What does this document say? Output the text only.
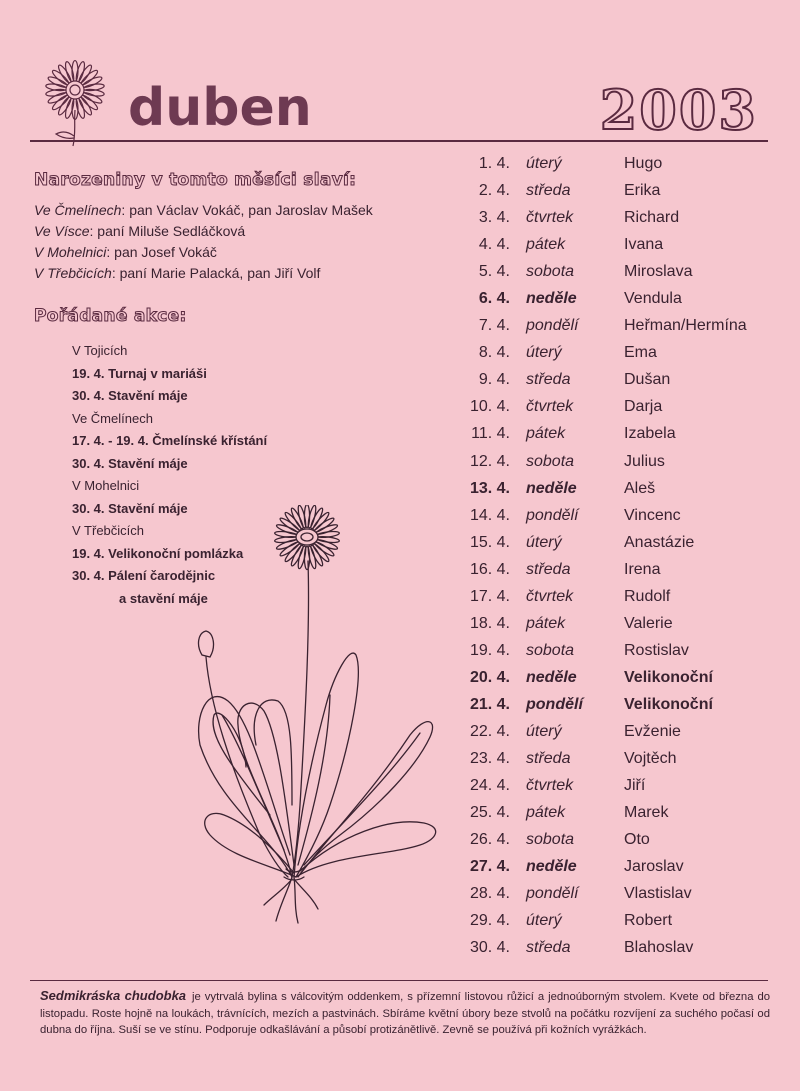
duben	2003
Narozeniny v tomto měsíci slaví:
Ve Čmelínech: pan Václav Vokáč, pan Jaroslav Mašek
Ve Vísce: paní Miluše Sedláčková
V Mohelnici: pan Josef Vokáč
V Třebčicích: paní Marie Palacká, pan Jiří Volf
Pořádané akce:
V Tojicích
19. 4. Turnaj v mariáši
30. 4. Stavění máje
Ve Čmelínech
17. 4. - 19. 4. Čmelínské křístání
30. 4. Stavění máje
V Mohelnici
30. 4. Stavění máje
V Třebčicích
19. 4. Velikonoční pomlázka
30. 4. Pálení čarodějnic
a stavění máje
1. 4. úterý	Hugo
2. 4. středa	Erika
3. 4. čtvrtek	Richard
4. 4. pátek	Ivana
5. 4. sobota	Miroslava
6. 4. neděle	Vendula
7. 4. pondělí	Heřman/Hermína
8. 4. úterý	Ema
9. 4. středa	Dušan
10. 4. čtvrtek	Darja
11. 4. pátek	Izabela
12. 4. sobota	Julius
13. 4. neděle	Aleš
14. 4. pondělí	Vincenc
15. 4. úterý	Anastázie
16. 4. středa	Irena
17. 4. čtvrtek	Rudolf
18. 4. pátek	Valerie
19. 4. sobota	Rostislav
20. 4. neděle	Velikonoční
21. 4. pondělí	Velikonoční
22. 4. úterý	Evženie
23. 4. středa	Vojtěch
24. 4. čtvrtek	Jiří
25. 4. pátek	Marek
26. 4. sobota	Oto
27. 4. neděle	Jaroslav
28. 4. pondělí	Vlastislav
29. 4. úterý	Robert
30. 4. středa	Blahoslav
Sedmikráska chudobka je vytrvalá bylina s válcovitým oddenkem, s přízemní listovou růžicí a jednoúborným stvolem. Kvete od března do listopadu. Roste hojně na loukách, trávnících, mezích a pastvinách. Sbíráme květní úbory beze stvolů na počátku rozvíjení za suchého počasí od dubna do října. Suší se ve stínu. Podporuje odkašlávání a působí protizánětlivě. Zevně se používá při kožních vyrážkách.
